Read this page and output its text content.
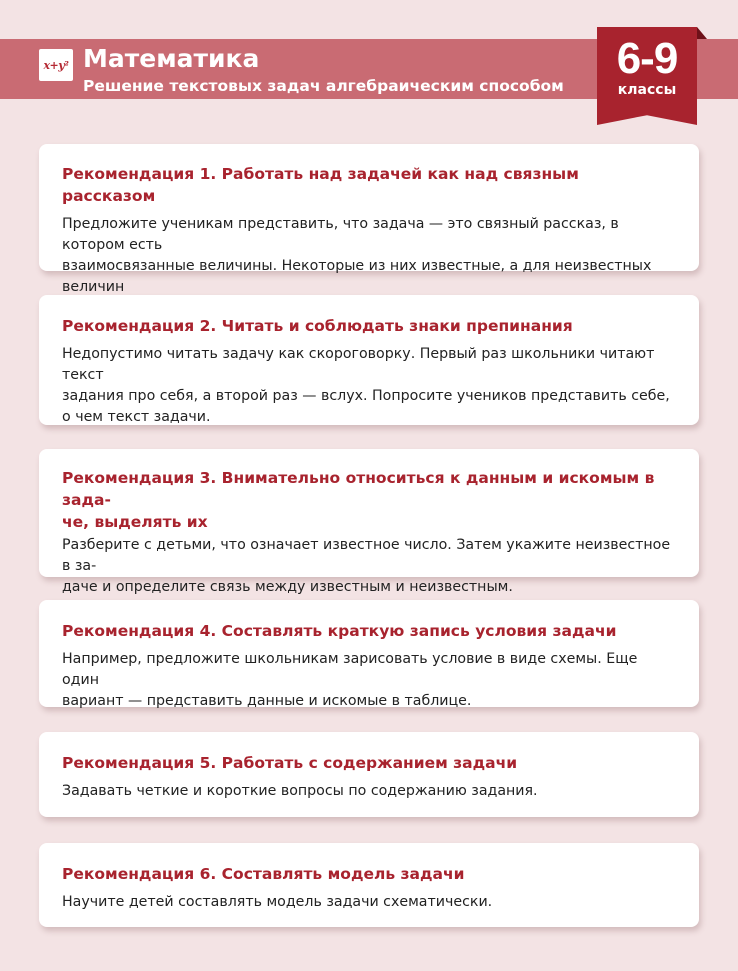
x+y² Математика
Решение текстовых задач алгебраическим способом
6-9
классы
Рекомендация 1. Работать над задачей как над связным рассказом
Предложите ученикам представить, что задача — это связный рассказ, в котором есть
взаимосвязанные величины. Некоторые из них известные, а для неизвестных величин
Рекомендация 2. Читать и соблюдать знаки препинания
Недопустимо читать задачу как скороговорку. Первый раз школьники читают текст
задания про себя, а второй раз — вслух. Попросите учеников представить себе,
о чем текст задачи.
Рекомендация 3. Внимательно относиться к данным и искомым в зада-
че, выделять их
Разберите с детьми, что означает известное число. Затем укажите неизвестное в за-
даче и определите связь между известным и неизвестным.
Рекомендация 4. Составлять краткую запись условия задачи
Например, предложите школьникам зарисовать условие в виде схемы. Еще один
вариант — представить данные и искомые в таблице.
Рекомендация 5. Работать с содержанием задачи
Задавать четкие и короткие вопросы по содержанию задания.
Рекомендация 6. Составлять модель задачи
Научите детей составлять модель задачи схематически.
